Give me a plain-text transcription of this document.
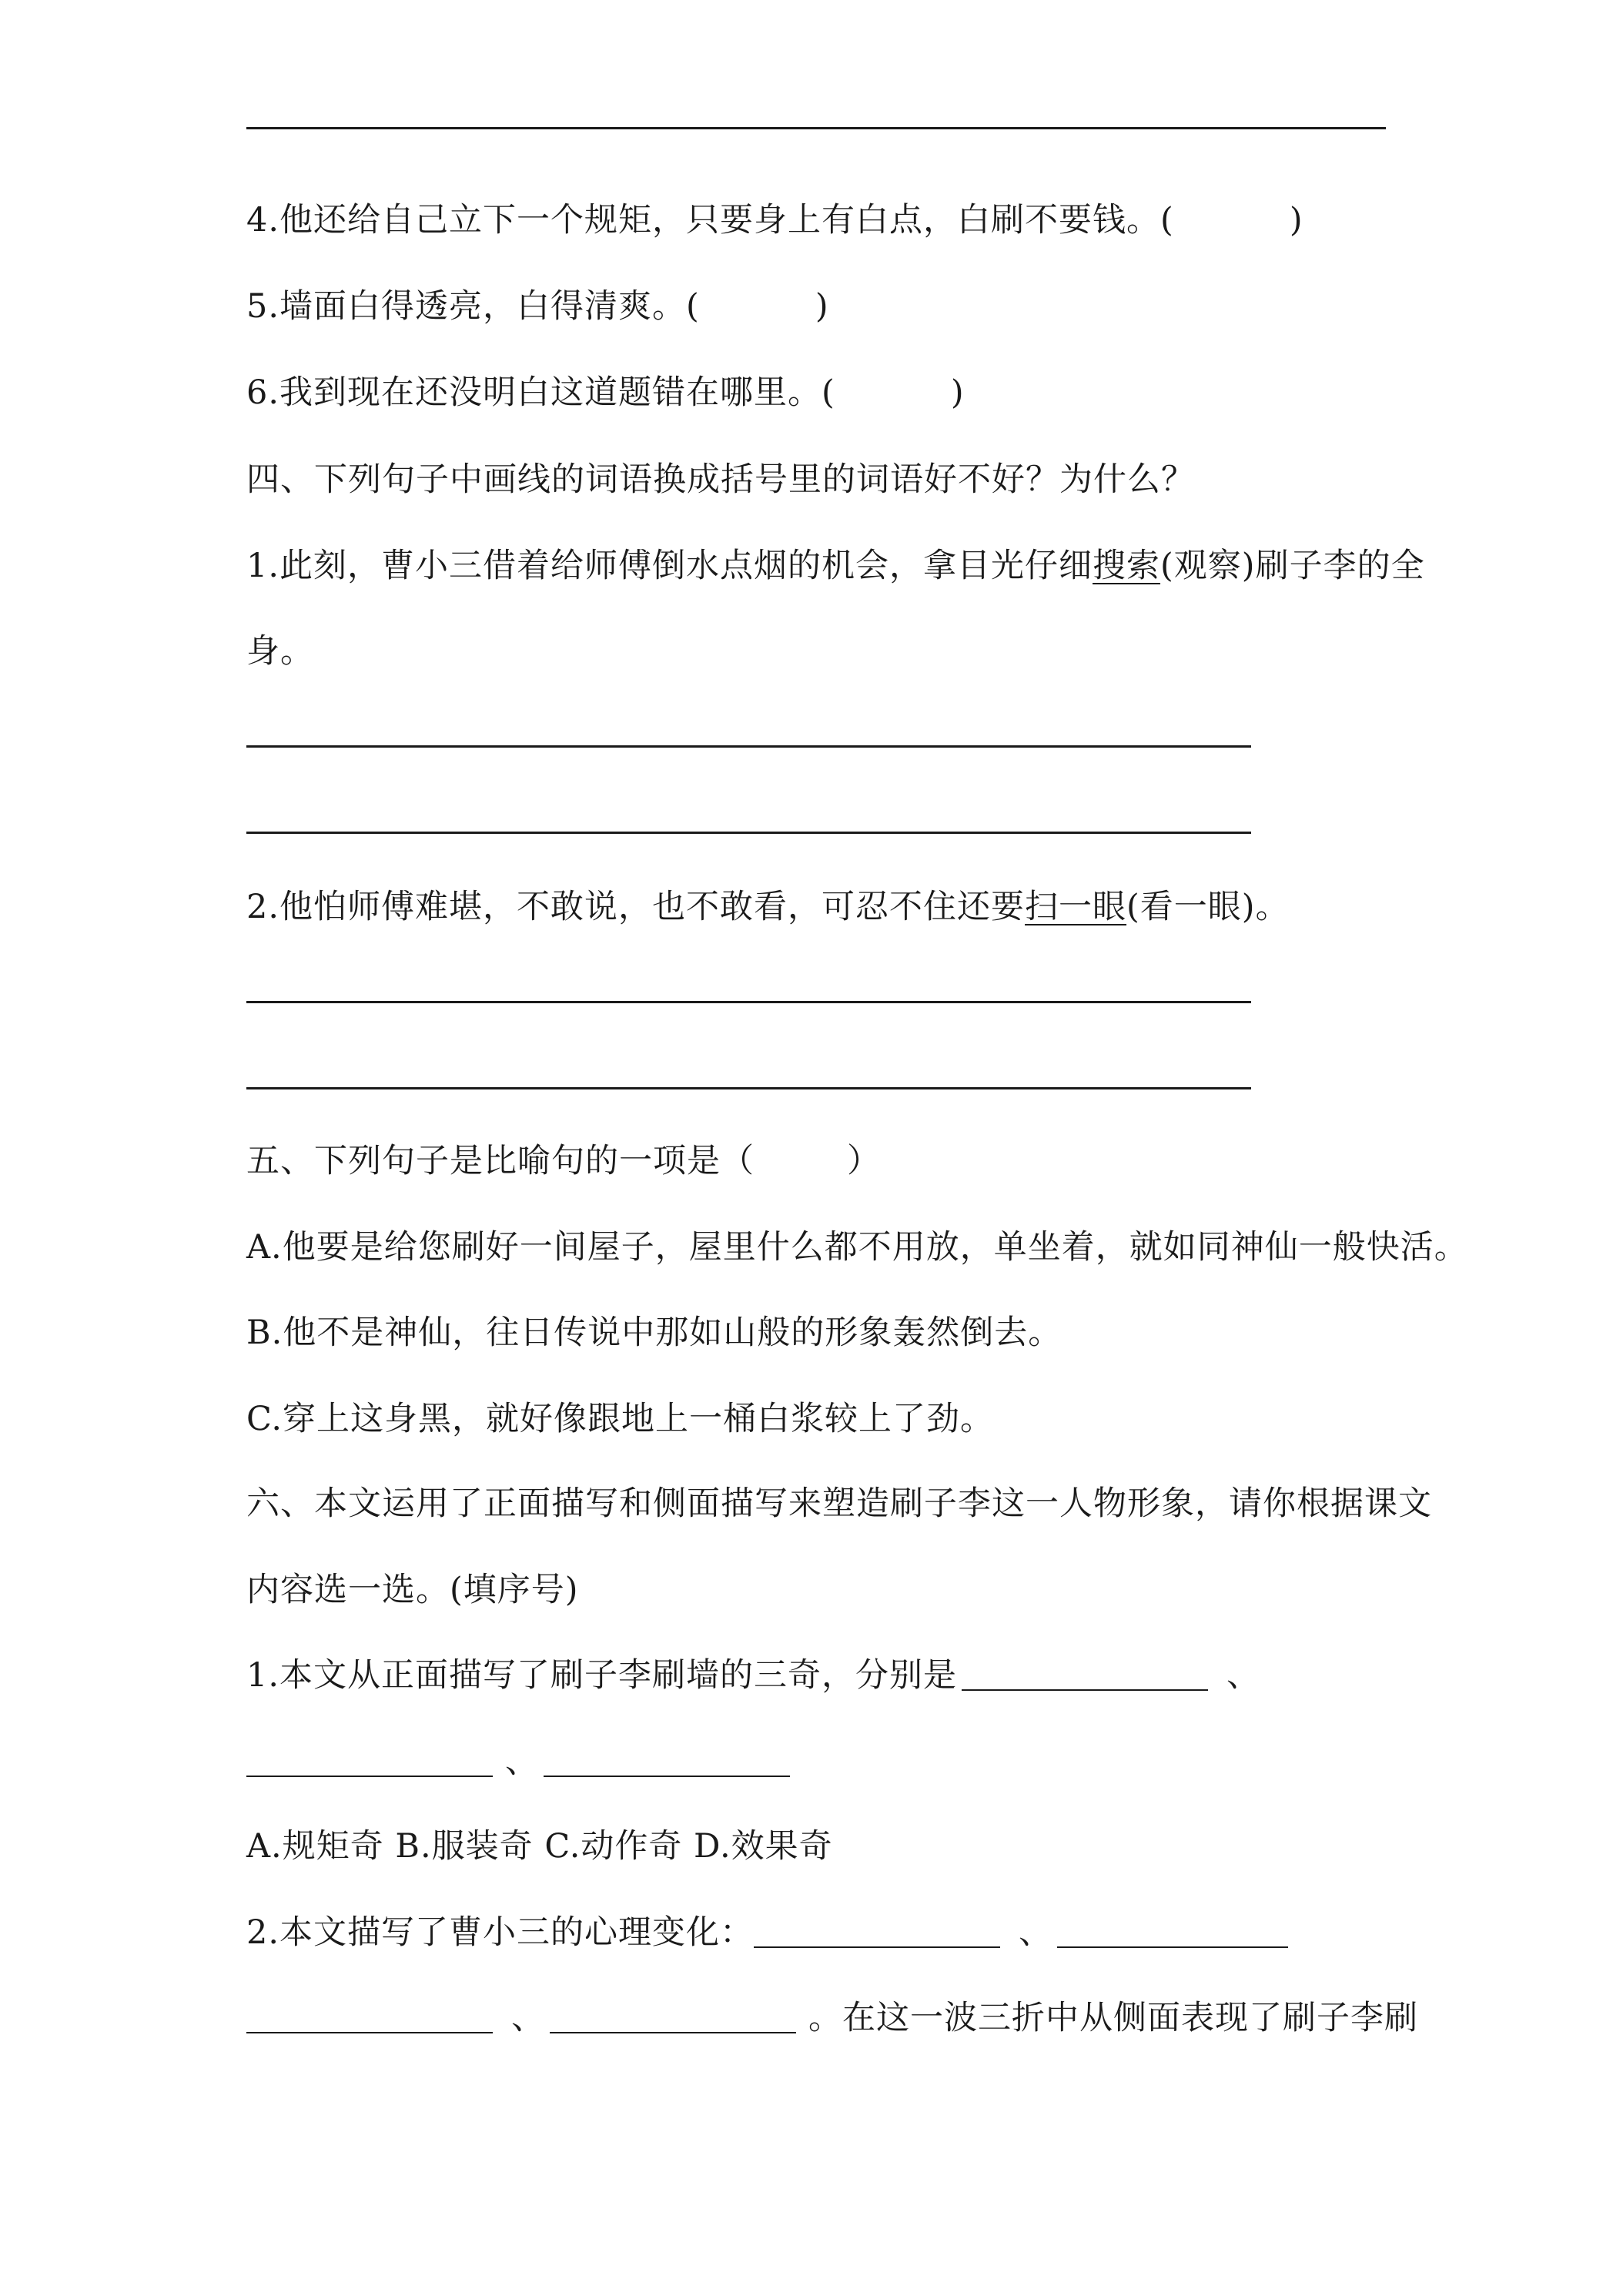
4.他还给自己立下一个规矩，只要身上有白点，白刷不要钱。(	)
5.墙面白得透亮，白得清爽。(	)
6.我到现在还没明白这道题错在哪里。(	)
四、下列句子中画线的词语换成括号里的词语好不好？为什么？
1.此刻，曹小三借着给师傅倒水点烟的机会，拿目光仔细搜索(观察)刷子李的全
身。
2.他怕师傅难堪，不敢说，也不敢看，可忍不住还要扫一眼(看一眼)。
五、下列句子是比喻句的一项是（	）
A.他要是给您刷好一间屋子，屋里什么都不用放，单坐着，就如同神仙一般快活。
B.他不是神仙，往日传说中那如山般的形象轰然倒去。
C.穿上这身黑，就好像跟地上一桶白浆较上了劲。
六、本文运用了正面描写和侧面描写来塑造刷子李这一人物形象，请你根据课文
内容选一选。(填序号)
1.本文从正面描写了刷子李刷墙的三奇，分别是	、
、
A.规矩奇 B.服装奇 C.动作奇 D.效果奇
2.本文描写了曹小三的心理变化：	、
、	。在这一波三折中从侧面表现了刷子李刷
